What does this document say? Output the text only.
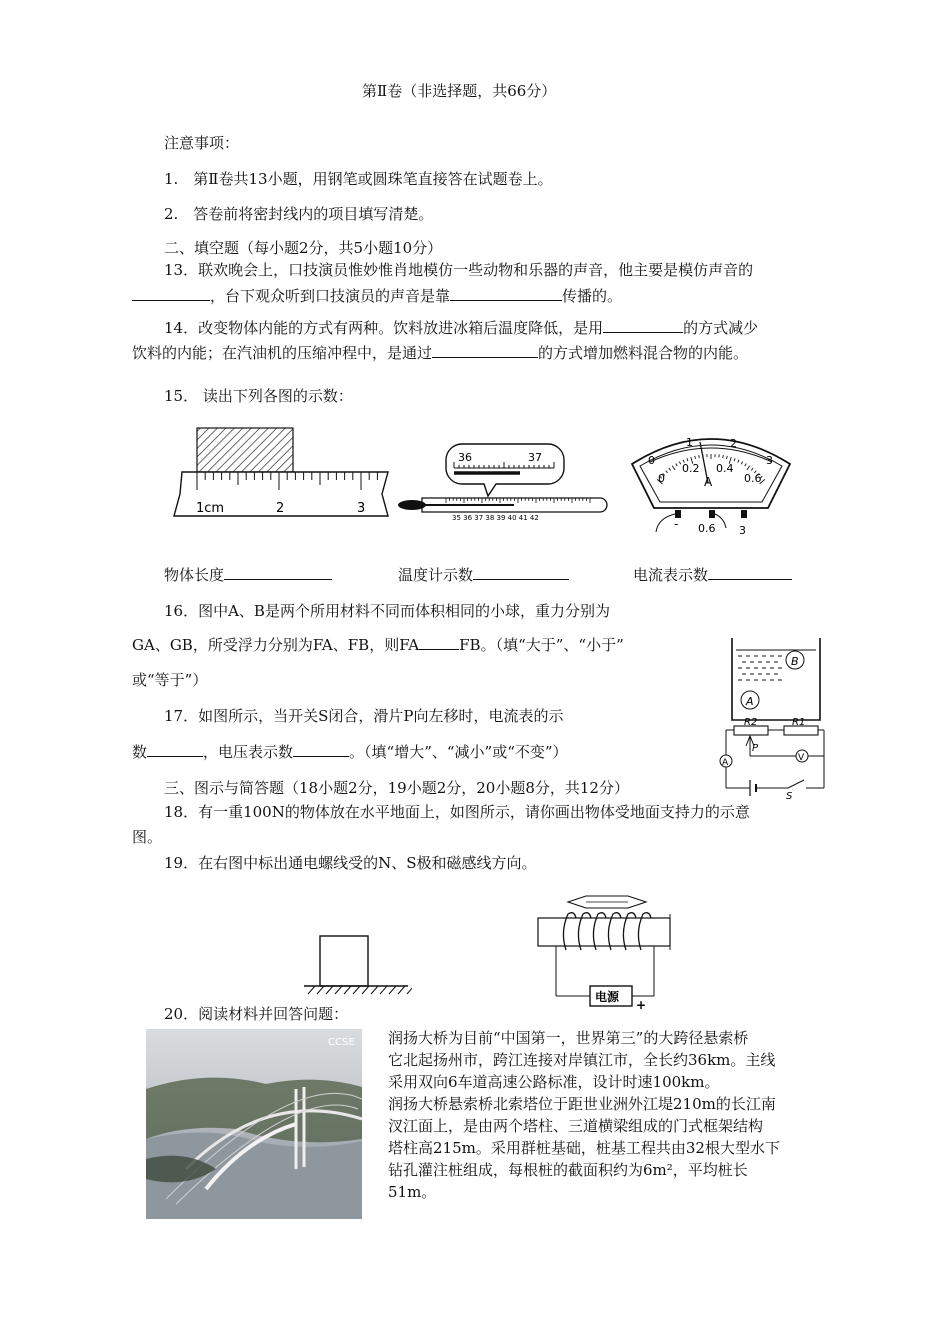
第Ⅱ卷（非选择题，共66分）
注意事项：
1.　第Ⅱ卷共13小题，用钢笔或圆珠笔直接答在试题卷上。
2.　答卷前将密封线内的项目填写清楚。
二、填空题（每小题2分，共5小题10分）
13．联欢晚会上，口技演员惟妙惟肖地模仿一些动物和乐器的声音，他主要是模仿声音的
，台下观众听到口技演员的声音是靠	传播的。
14．改变物体内能的方式有两种。饮料放进冰箱后温度降低，是用	的方式减少
饮料的内能；在汽油机的压缩冲程中，是通过	的方式增加燃料混合物的内能。
15． 读出下列各图的示数：
1cm	2	3
36	37
35 36 37 38 39 40 41 42
0
1	2
3
0
0.2 0.4
0.6
A
- 0.6 3
物体长度	温度计示数	电流表示数
16．图中A、B是两个所用材料不同而体积相同的小球，重力分别为
GA、GB，所受浮力分别为FA、FB，则FA	FB。（填“大于”、“小于”
或“等于”）
B
A
17．如图所示，当开关S闭合，滑片P向左移时，电流表的示
数	，电压表示数	。（填“增大”、“减小”或“不变”）
R2	R1
P
V
A
S
三、图示与简答题（18小题2分，19小题2分，20小题8分，共12分）
18．有一重100N的物体放在水平地面上，如图所示，请你画出物体受地面支持力的示意
图。
19．在右图中标出通电螺线受的N、S极和磁感线方向。
电源
+
20．阅读材料并回答问题：
CCSE 润扬大桥为目前“中国第一，世界第三”的大跨径悬索桥
它北起扬州市，跨江连接对岸镇江市，全长约36km。主线
采用双向6车道高速公路标准，设计时速100km。
润扬大桥悬索桥北索塔位于距世业洲外江堤210m的长江南
汊江面上，是由两个塔柱、三道横梁组成的门式框架结构
塔柱高215m。采用群桩基础，桩基工程共由32根大型水下
钻孔灌注桩组成，每根桩的截面积约为6m²，平均桩长
51m。
